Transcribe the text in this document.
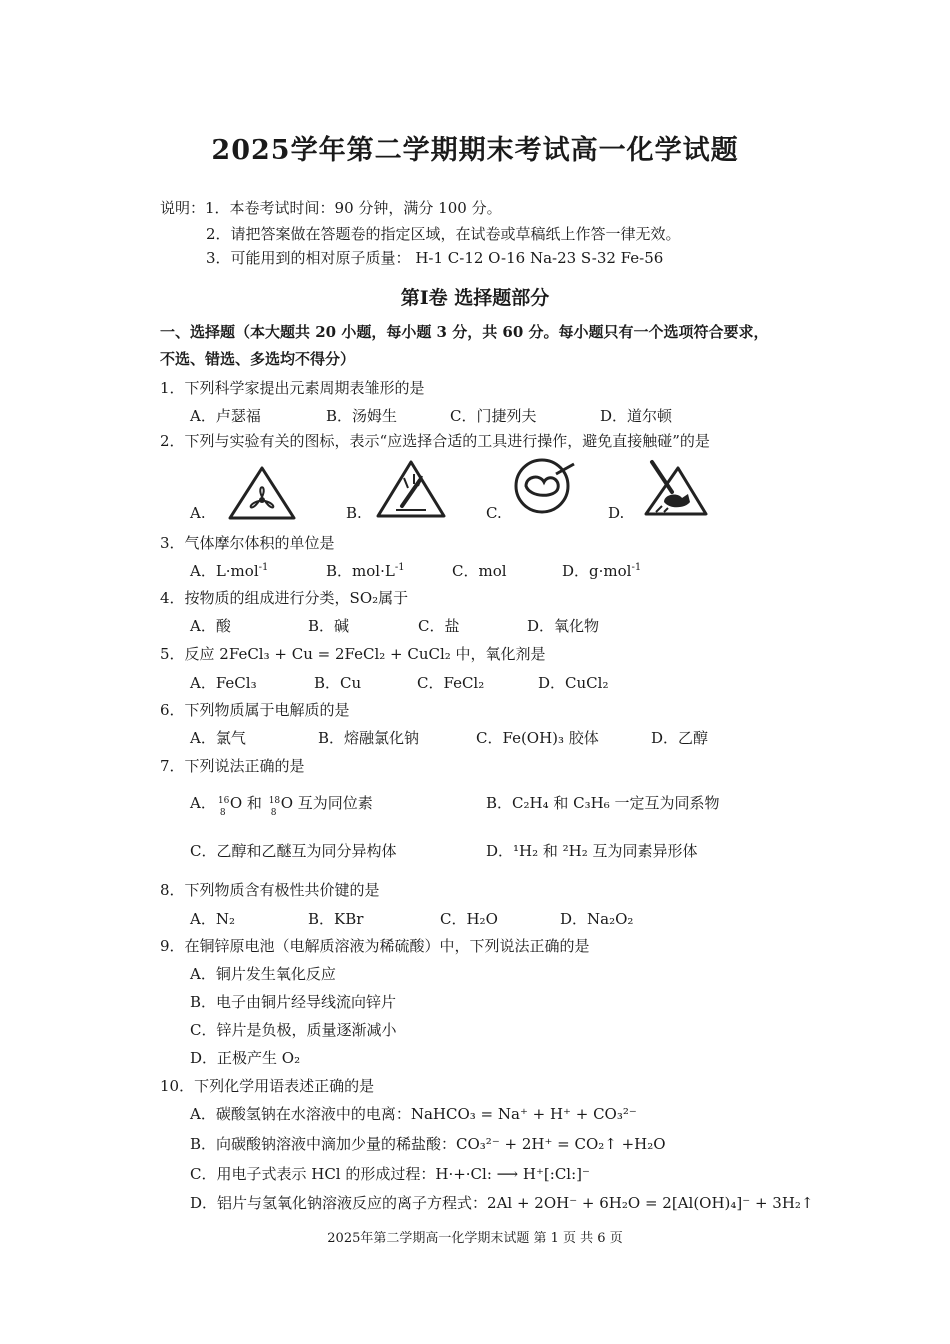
2025学年第二学期期末考试高一化学试题
说明：1．本卷考试时间：90 分钟，满分 100 分。
2．请把答案做在答题卷的指定区域，在试卷或草稿纸上作答一律无效。
3．可能用到的相对原子质量： H-1 C-12 O-16 Na-23 S-32 Fe-56
第Ⅰ卷 选择题部分
一、选择题（本大题共 20 小题，每小题 3 分，共 60 分。每小题只有一个选项符合要求，
不选、错选、多选均不得分）
1．下列科学家提出元素周期表雏形的是
A．卢瑟福	B．汤姆生	C．门捷列夫	D．道尔顿
2．下列与实验有关的图标，表示“应选择合适的工具进行操作，避免直接触碰”的是
A.	B.	C.	D.
3．气体摩尔体积的单位是
A．L·mol$^{-1}$	B．$mol\cdot L^{-1}$	C．mol	D．g·mol$^{-1}$
4．按物质的组成进行分类，SO₂属于
A．酸	B．碱	C．盐	D．氧化物
5．反应 2FeCl₃ + Cu = 2FeCl₂ + CuCl₂ 中，氧化剂是
A．FeCl₃	B．Cu	C．FeCl₂	D．CuCl₂
6．下列物质属于电解质的是
A．氯气	B．熔融氯化钠	C．Fe(OH)₃ 胶体	D．乙醇
7．下列说法正确的是
A． 16
8
O 和 18
8
O 互为同位素	B．C₂H₄ 和 C₃H₆ 一定互为同系物
C．乙醇和乙醚互为同分异构体	D．¹H₂ 和 ²H₂ 互为同素异形体
8．下列物质含有极性共价键的是
A．N₂	B．KBr	C．H₂O	D．Na₂O₂
9．在铜锌原电池（电解质溶液为稀硫酸）中，下列说法正确的是
A．铜片发生氧化反应
B．电子由铜片经导线流向锌片
C．锌片是负极，质量逐渐减小
D．正极产生 O₂
10．下列化学用语表述正确的是
A．碳酸氢钠在水溶液中的电离：NaHCO₃ = Na⁺ + H⁺ + CO₃²⁻
B．向碳酸钠溶液中滴加少量的稀盐酸：CO₃²⁻ + 2H⁺ = CO₂↑ +H₂O
C．用电子式表示 HCl 的形成过程：H·+·Cl: ⟶ H⁺[:Cl:]⁻
D．铝片与氢氧化钠溶液反应的离子方程式：2Al + 2OH⁻ + 6H₂O = 2[Al(OH)₄]⁻ + 3H₂↑
2025年第二学期高一化学期末试题 第 1 页 共 6 页
